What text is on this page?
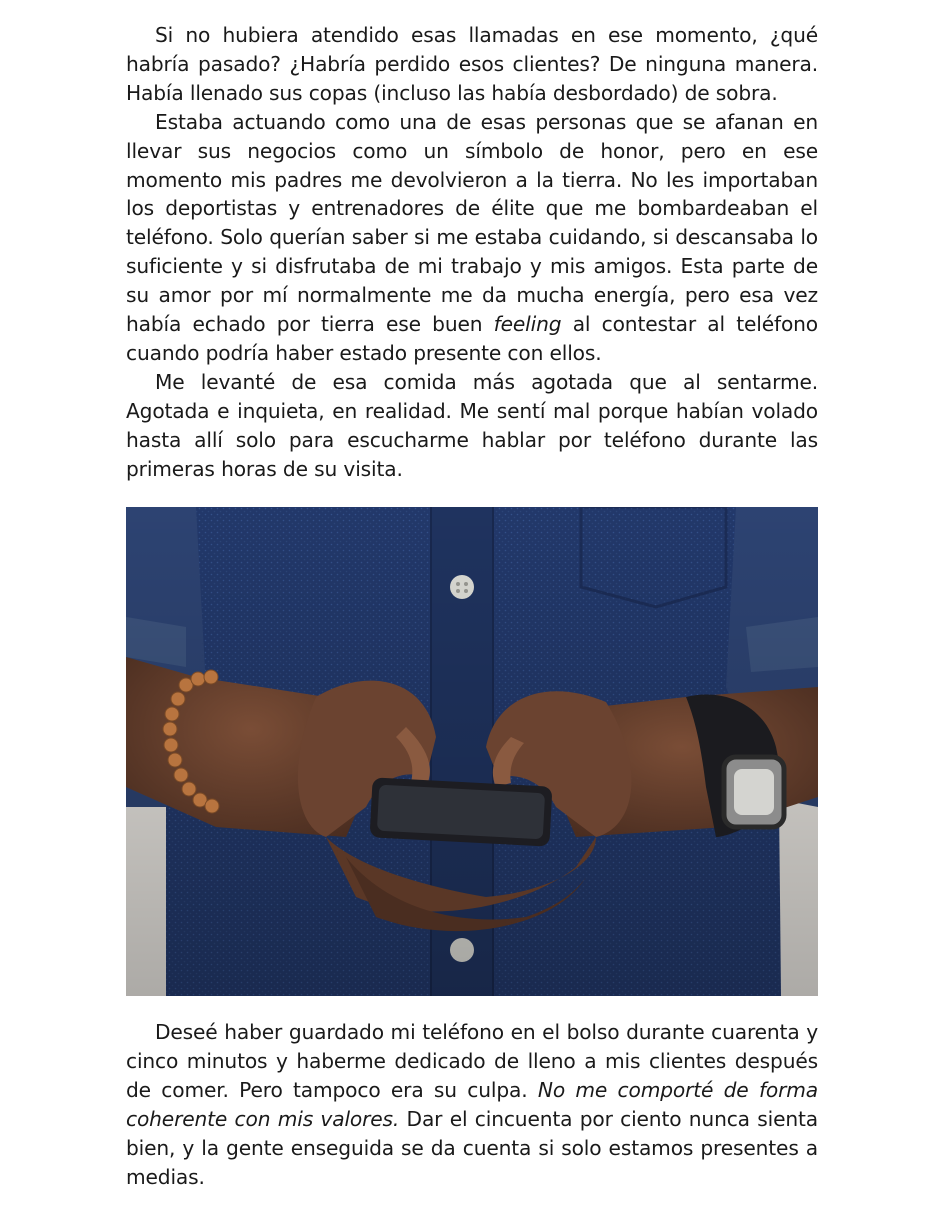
Si no hubiera atendido esas llamadas en ese momento, ¿qué habría pasado? ¿Habría perdido esos clientes? De ninguna manera. Había llenado sus copas (incluso las había desbordado) de sobra.

Estaba actuando como una de esas personas que se afanan en llevar sus negocios como un símbolo de honor, pero en ese momento mis padres me devolvieron a la tierra. No les importaban los deportistas y entrenadores de élite que me bombardeaban el teléfono. Solo querían saber si me estaba cuidando, si descansaba lo suficiente y si disfrutaba de mi trabajo y mis amigos. Esta parte de su amor por mí normalmente me da mucha energía, pero esa vez había echado por tierra ese buen feeling al contestar al teléfono cuando podría haber estado presente con ellos.

Me levanté de esa comida más agotada que al sentarme. Agotada e inquieta, en realidad. Me sentí mal porque habían volado hasta allí solo para escucharme hablar por teléfono durante las primeras horas de su visita.

Deseé haber guardado mi teléfono en el bolso durante cuarenta y cinco minutos y haberme dedicado de lleno a mis clientes después de comer. Pero tampoco era su culpa. No me comporté de forma coherente con mis valores. Dar el cincuenta por ciento nunca sienta bien, y la gente enseguida se da cuenta si solo estamos presentes a medias.
